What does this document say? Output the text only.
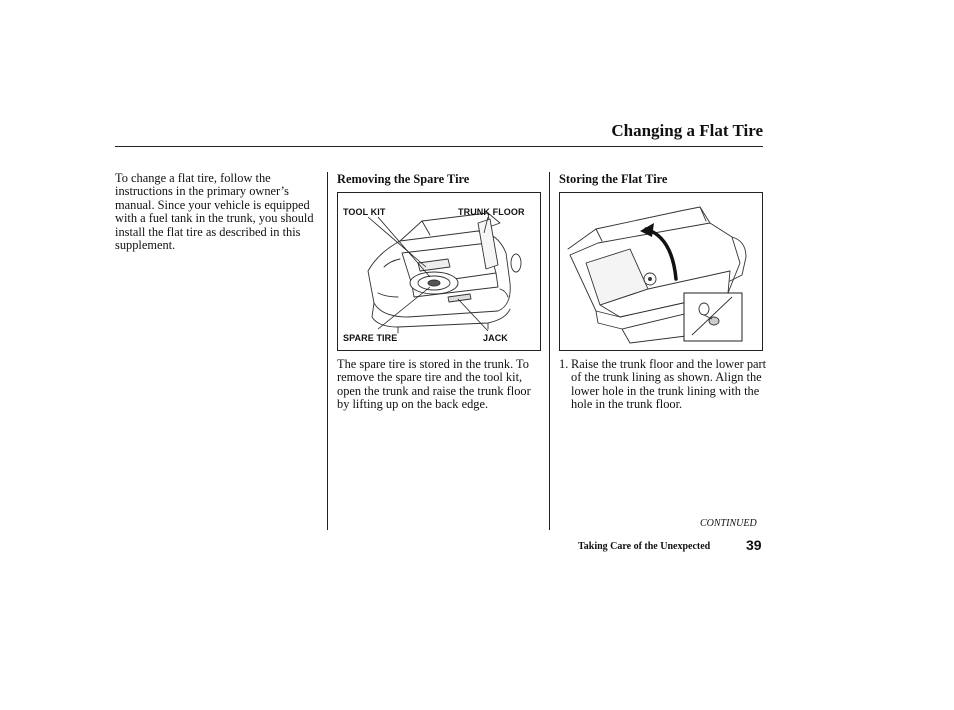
Changing a Flat Tire
To change a flat tire, follow the instructions in the primary owner’s manual. Since your vehicle is equipped with a fuel tank in the trunk, you should install the flat tire as described in this supplement.
Removing the Spare Tire
TOOL KIT	TRUNK FLOOR
SPARE TIRE	JACK
The spare tire is stored in the trunk. To remove the spare tire and the tool kit, open the trunk and raise the trunk floor by lifting up on the back edge.
Storing the Flat Tire
1. Raise the trunk floor and the lower part of the trunk lining as shown. Align the lower hole in the trunk lining with the hole in the trunk floor.
CONTINUED
Taking Care of the Unexpected	39
